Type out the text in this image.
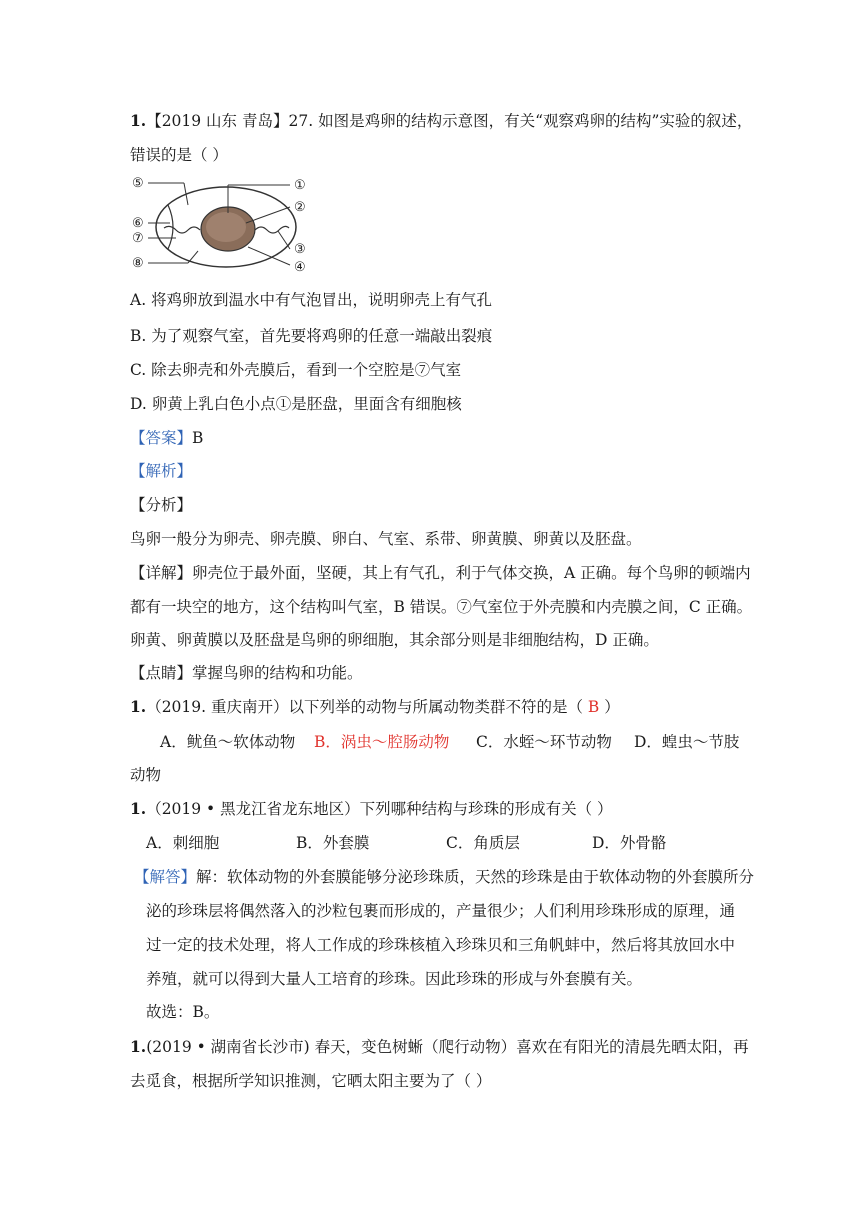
1.【2019 山东 青岛】27. 如图是鸡卵的结构示意图，有关“观察鸡卵的结构”实验的叙述，
错误的是（ ）
⑤
⑥
⑦
⑧
①
②
③
④
A. 将鸡卵放到温水中有气泡冒出，说明卵壳上有气孔
B. 为了观察气室，首先要将鸡卵的任意一端敲出裂痕
C. 除去卵壳和外壳膜后，看到一个空腔是⑦气室
D. 卵黄上乳白色小点①是胚盘，里面含有细胞核
【答案】B
【解析】
【分析】
鸟卵一般分为卵壳、卵壳膜、卵白、气室、系带、卵黄膜、卵黄以及胚盘。
【详解】卵壳位于最外面，坚硬，其上有气孔，利于气体交换，A 正确。每个鸟卵的顿端内
都有一块空的地方，这个结构叫气室，B 错误。⑦气室位于外壳膜和内壳膜之间，C 正确。
卵黄、卵黄膜以及胚盘是鸟卵的卵细胞，其余部分则是非细胞结构，D 正确。
【点睛】掌握鸟卵的结构和功能。
1.（2019. 重庆南开）以下列举的动物与所属动物类群不符的是（ B ）
A．鱿鱼～软体动物 B．涡虫～腔肠动物 C．水蛭～环节动物 D．蝗虫～节肢
动物
1.（2019 • 黑龙江省龙东地区）下列哪种结构与珍珠的形成有关（ ）
A．刺细胞	B．外套膜	C．角质层	D．外骨骼
【解答】解：软体动物的外套膜能够分泌珍珠质，天然的珍珠是由于软体动物的外套膜所分
泌的珍珠层将偶然落入的沙粒包裹而形成的，产量很少；人们利用珍珠形成的原理，通
过一定的技术处理，将人工作成的珍珠核植入珍珠贝和三角帆蚌中，然后将其放回水中
养殖，就可以得到大量人工培育的珍珠。因此珍珠的形成与外套膜有关。
故选：B。
1.(2019 • 湖南省长沙市) 春天，变色树蜥（爬行动物）喜欢在有阳光的清晨先晒太阳，再
去觅食，根据所学知识推测，它晒太阳主要为了（ ）
